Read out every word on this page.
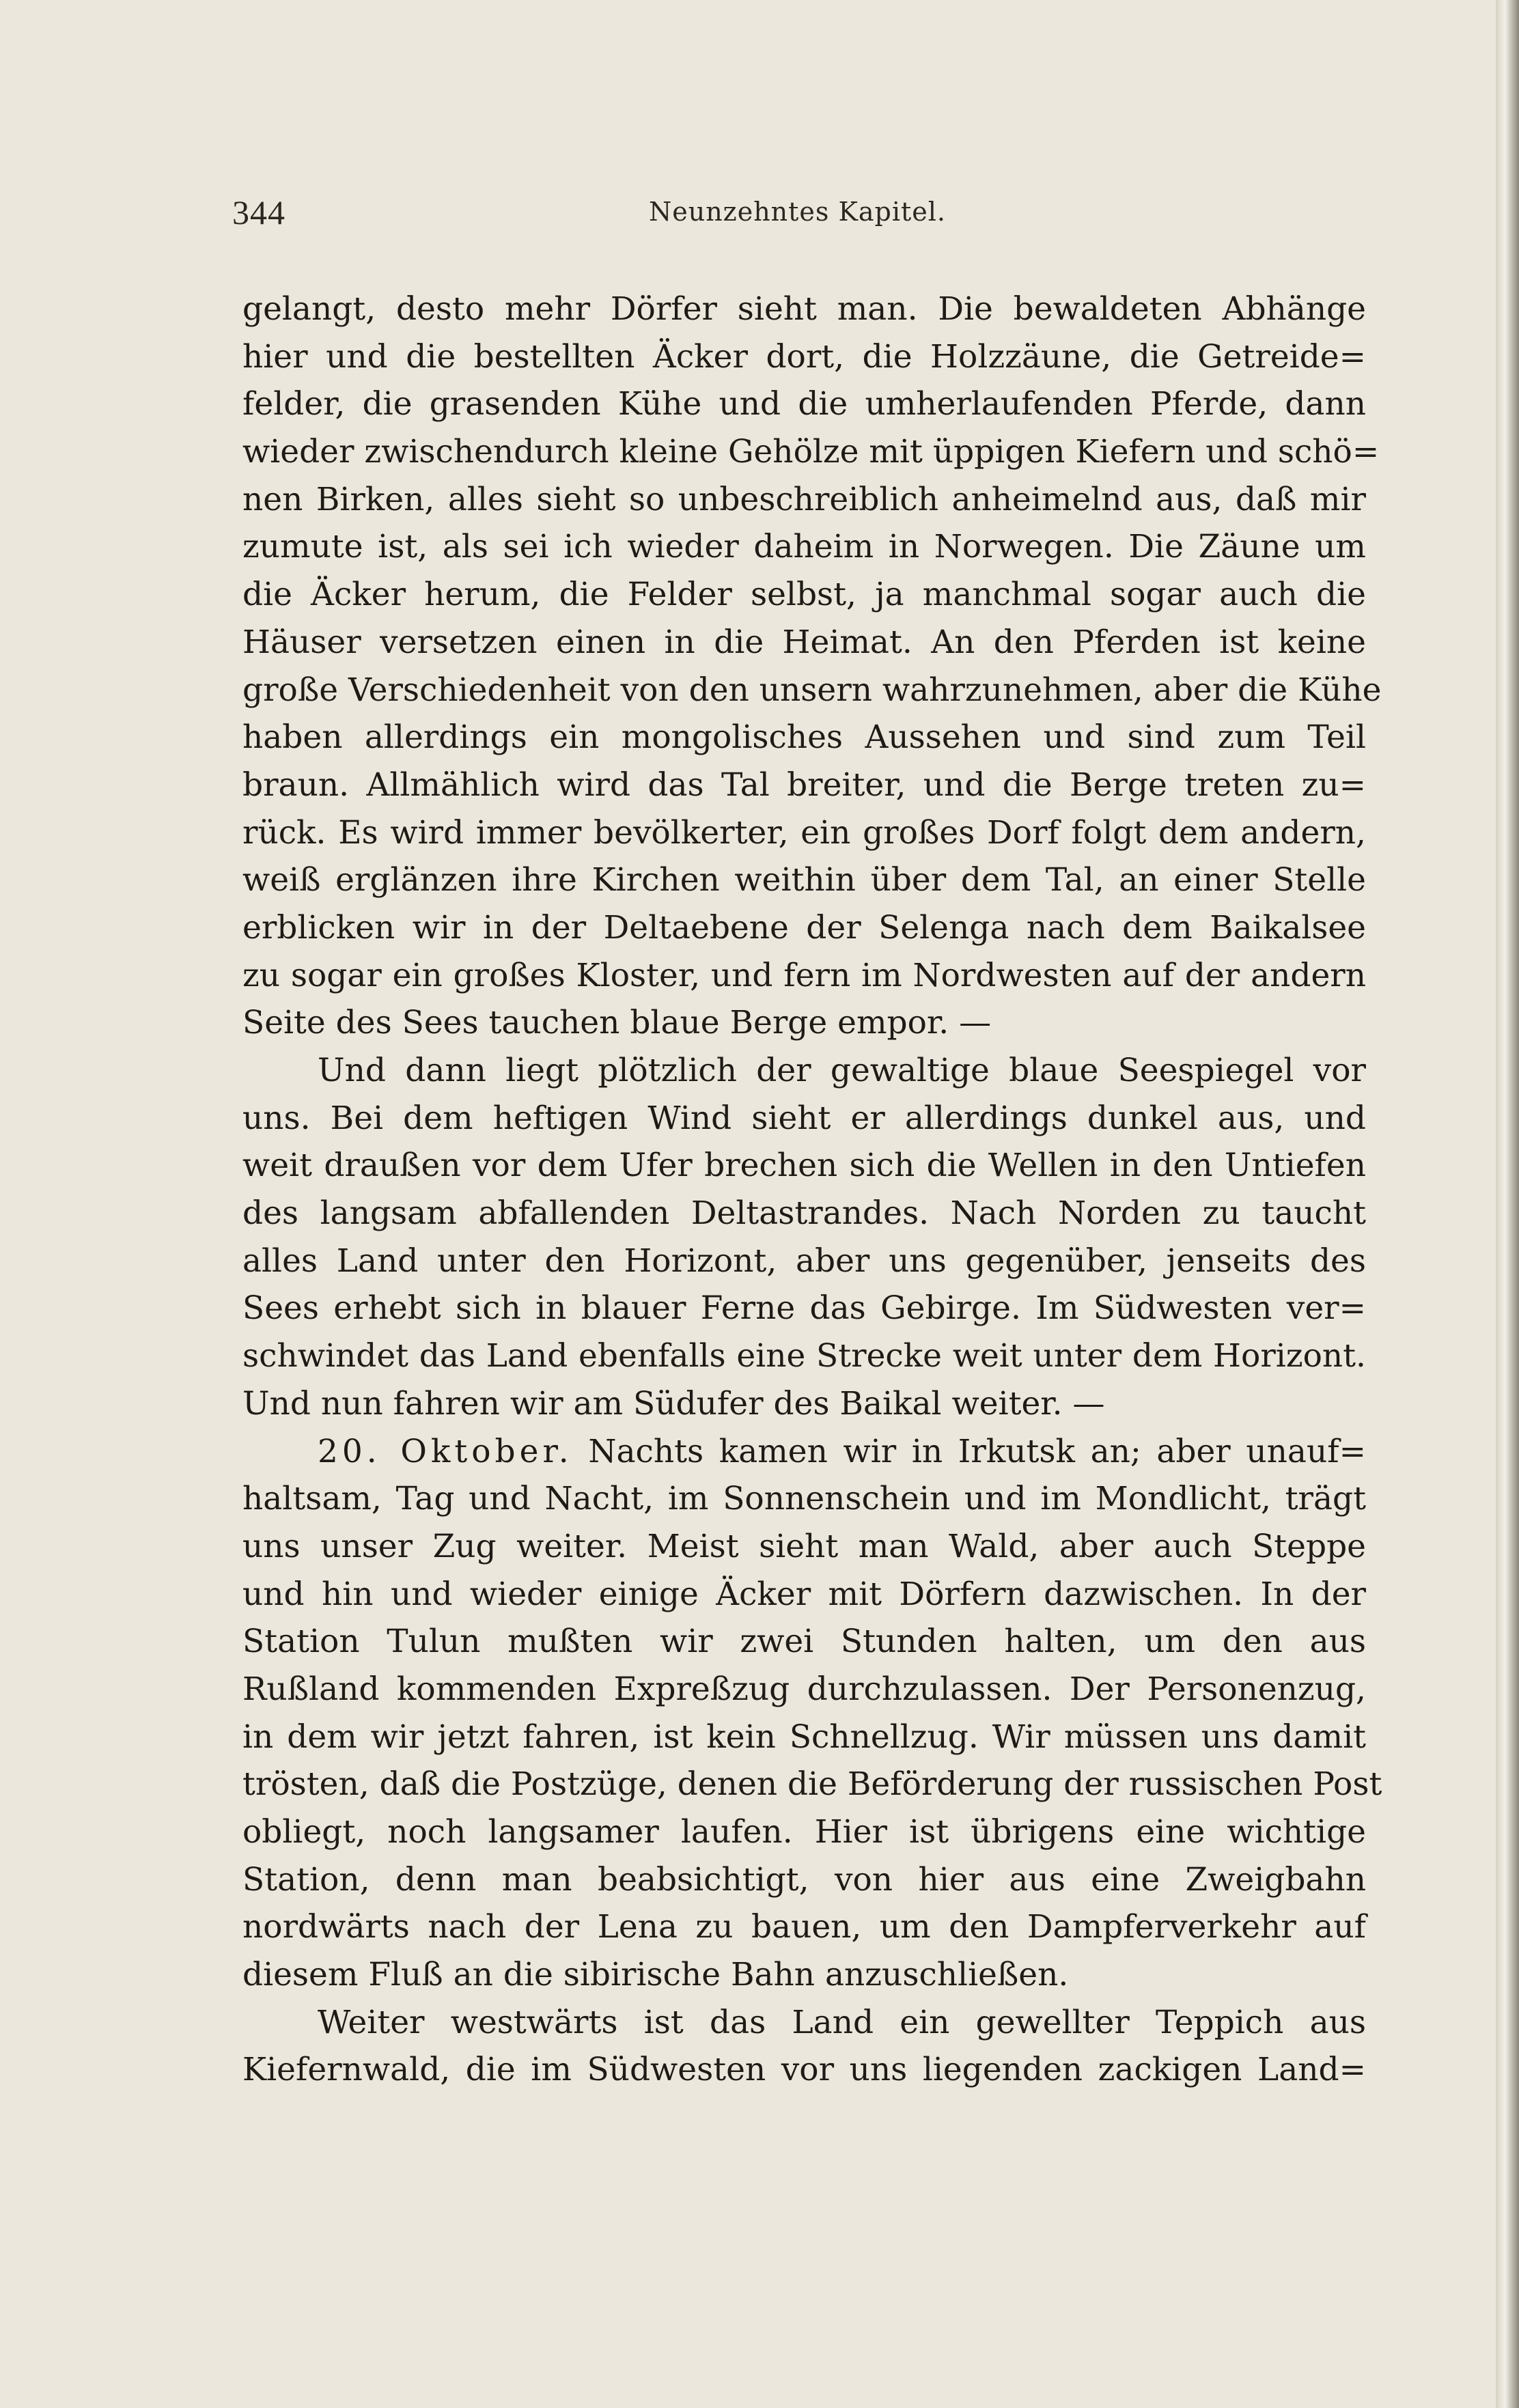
344	Neunzehntes Kapitel.
gelangt, desto mehr Dörfer sieht man. Die bewaldeten Abhänge
hier und die bestellten Äcker dort, die Holzzäune, die Getreide=
felder, die grasenden Kühe und die umherlaufenden Pferde, dann
wieder zwischendurch kleine Gehölze mit üppigen Kiefern und schö=
nen Birken, alles sieht so unbeschreiblich anheimelnd aus, daß mir
zumute ist, als sei ich wieder daheim in Norwegen. Die Zäune um
die Äcker herum, die Felder selbst, ja manchmal sogar auch die
Häuser versetzen einen in die Heimat. An den Pferden ist keine
große Verschiedenheit von den unsern wahrzunehmen, aber die Kühe
haben allerdings ein mongolisches Aussehen und sind zum Teil
braun. Allmählich wird das Tal breiter, und die Berge treten zu=
rück. Es wird immer bevölkerter, ein großes Dorf folgt dem andern,
weiß erglänzen ihre Kirchen weithin über dem Tal, an einer Stelle
erblicken wir in der Deltaebene der Selenga nach dem Baikalsee
zu sogar ein großes Kloster, und fern im Nordwesten auf der andern
Seite des Sees tauchen blaue Berge empor. —
Und dann liegt plötzlich der gewaltige blaue Seespiegel vor
uns. Bei dem heftigen Wind sieht er allerdings dunkel aus, und
weit draußen vor dem Ufer brechen sich die Wellen in den Untiefen
des langsam abfallenden Deltastrandes. Nach Norden zu taucht
alles Land unter den Horizont, aber uns gegenüber, jenseits des
Sees erhebt sich in blauer Ferne das Gebirge. Im Südwesten ver=
schwindet das Land ebenfalls eine Strecke weit unter dem Horizont.
Und nun fahren wir am Südufer des Baikal weiter. —
20. Oktober. Nachts kamen wir in Irkutsk an; aber unauf=
haltsam, Tag und Nacht, im Sonnenschein und im Mondlicht, trägt
uns unser Zug weiter. Meist sieht man Wald, aber auch Steppe
und hin und wieder einige Äcker mit Dörfern dazwischen. In der
Station Tulun mußten wir zwei Stunden halten, um den aus
Rußland kommenden Expreßzug durchzulassen. Der Personenzug,
in dem wir jetzt fahren, ist kein Schnellzug. Wir müssen uns damit
trösten, daß die Postzüge, denen die Beförderung der russischen Post
obliegt, noch langsamer laufen. Hier ist übrigens eine wichtige
Station, denn man beabsichtigt, von hier aus eine Zweigbahn
nordwärts nach der Lena zu bauen, um den Dampferverkehr auf
diesem Fluß an die sibirische Bahn anzuschließen.
Weiter westwärts ist das Land ein gewellter Teppich aus
Kiefernwald, die im Südwesten vor uns liegenden zackigen Land=
